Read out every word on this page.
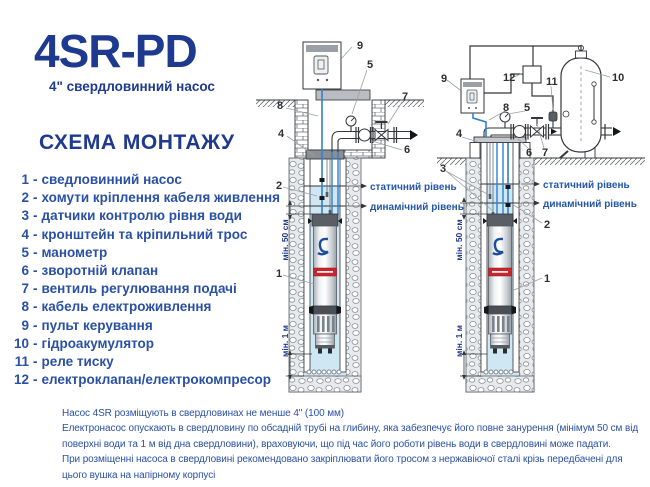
4SR-PD
4" свердловинний насос
СХЕМА МОНТАЖУ
1 - сведловинний насос
2 - хомути кріплення кабеля живлення
3 - датчики контролю рівня води
4 - кронштейн та кріпильний трос
5 - манометр
6 - зворотній клапан
7 - вентиль регулювання подачі
8 - кабель електроживлення
9 - пульт керування
10 - гідроакумулятор
11 - реле тиску
12 - електроклапан/електрокомпресор
статичний рівень
динамічний рівень
мін. 50 см
мін. 1 м
9
5
8
7
4
6
2
1
статичний рівень
динамічний рівень
мін. 50 см
мін. 1 м
9	12	11	10
8 5
4
6 7
3
2
1

Насос 4SR розміщують в свердловинах не менше 4" (100 мм)

Електронасос опускають в свердловину по обсадній трубі на глибину, яка забезпечує його повне занурення (мінімум 50 см від поверхні води та 1 м від дна свердловини), враховуючи, що під час його роботи рівень води в свердловині може падати.

При розміщенні насоса в свердловині рекомендовано закріплювати його тросом з нержавіючої сталі крізь передбачені для цього вушка на напірному корпусі
